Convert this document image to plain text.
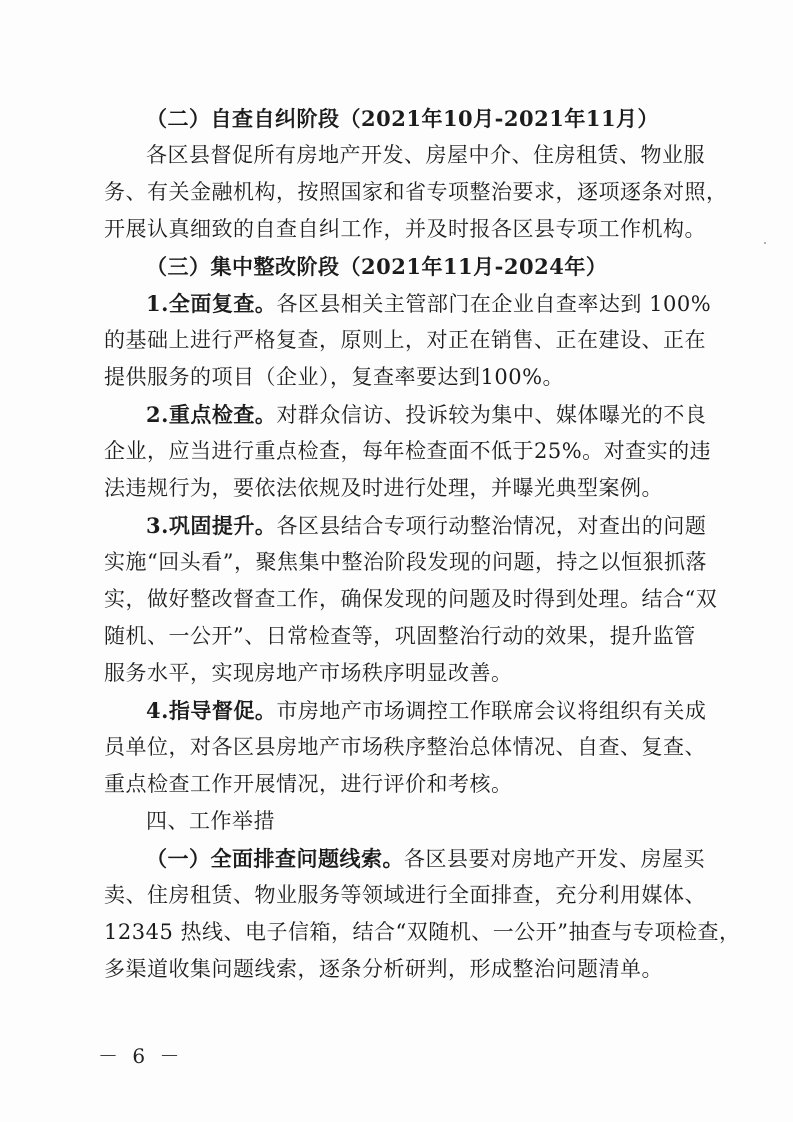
（二）自查自纠阶段（2021年10月-2021年11月）
各区县督促所有房地产开发、房屋中介、住房租赁、物业服
务、有关金融机构，按照国家和省专项整治要求，逐项逐条对照，
开展认真细致的自查自纠工作，并及时报各区县专项工作机构。
（三）集中整改阶段（2021年11月-2024年）
1.全面复查。各区县相关主管部门在企业自查率达到 100%
的基础上进行严格复查，原则上，对正在销售、正在建设、正在
提供服务的项目（企业），复查率要达到100%。
2.重点检查。对群众信访、投诉较为集中、媒体曝光的不良
企业，应当进行重点检查，每年检查面不低于25%。对查实的违
法违规行为，要依法依规及时进行处理，并曝光典型案例。
3.巩固提升。各区县结合专项行动整治情况，对查出的问题
实施“回头看”，聚焦集中整治阶段发现的问题，持之以恒狠抓落
实，做好整改督查工作，确保发现的问题及时得到处理。结合“双
随机、一公开”、日常检查等，巩固整治行动的效果，提升监管
服务水平，实现房地产市场秩序明显改善。
4.指导督促。市房地产市场调控工作联席会议将组织有关成
员单位，对各区县房地产市场秩序整治总体情况、自查、复查、
重点检查工作开展情况，进行评价和考核。
四、工作举措
（一）全面排查问题线索。各区县要对房地产开发、房屋买
卖、住房租赁、物业服务等领域进行全面排查，充分利用媒体、
12345 热线、电子信箱，结合“双随机、一公开”抽查与专项检查，
多渠道收集问题线索，逐条分析研判，形成整治问题清单。
－ 6 －
